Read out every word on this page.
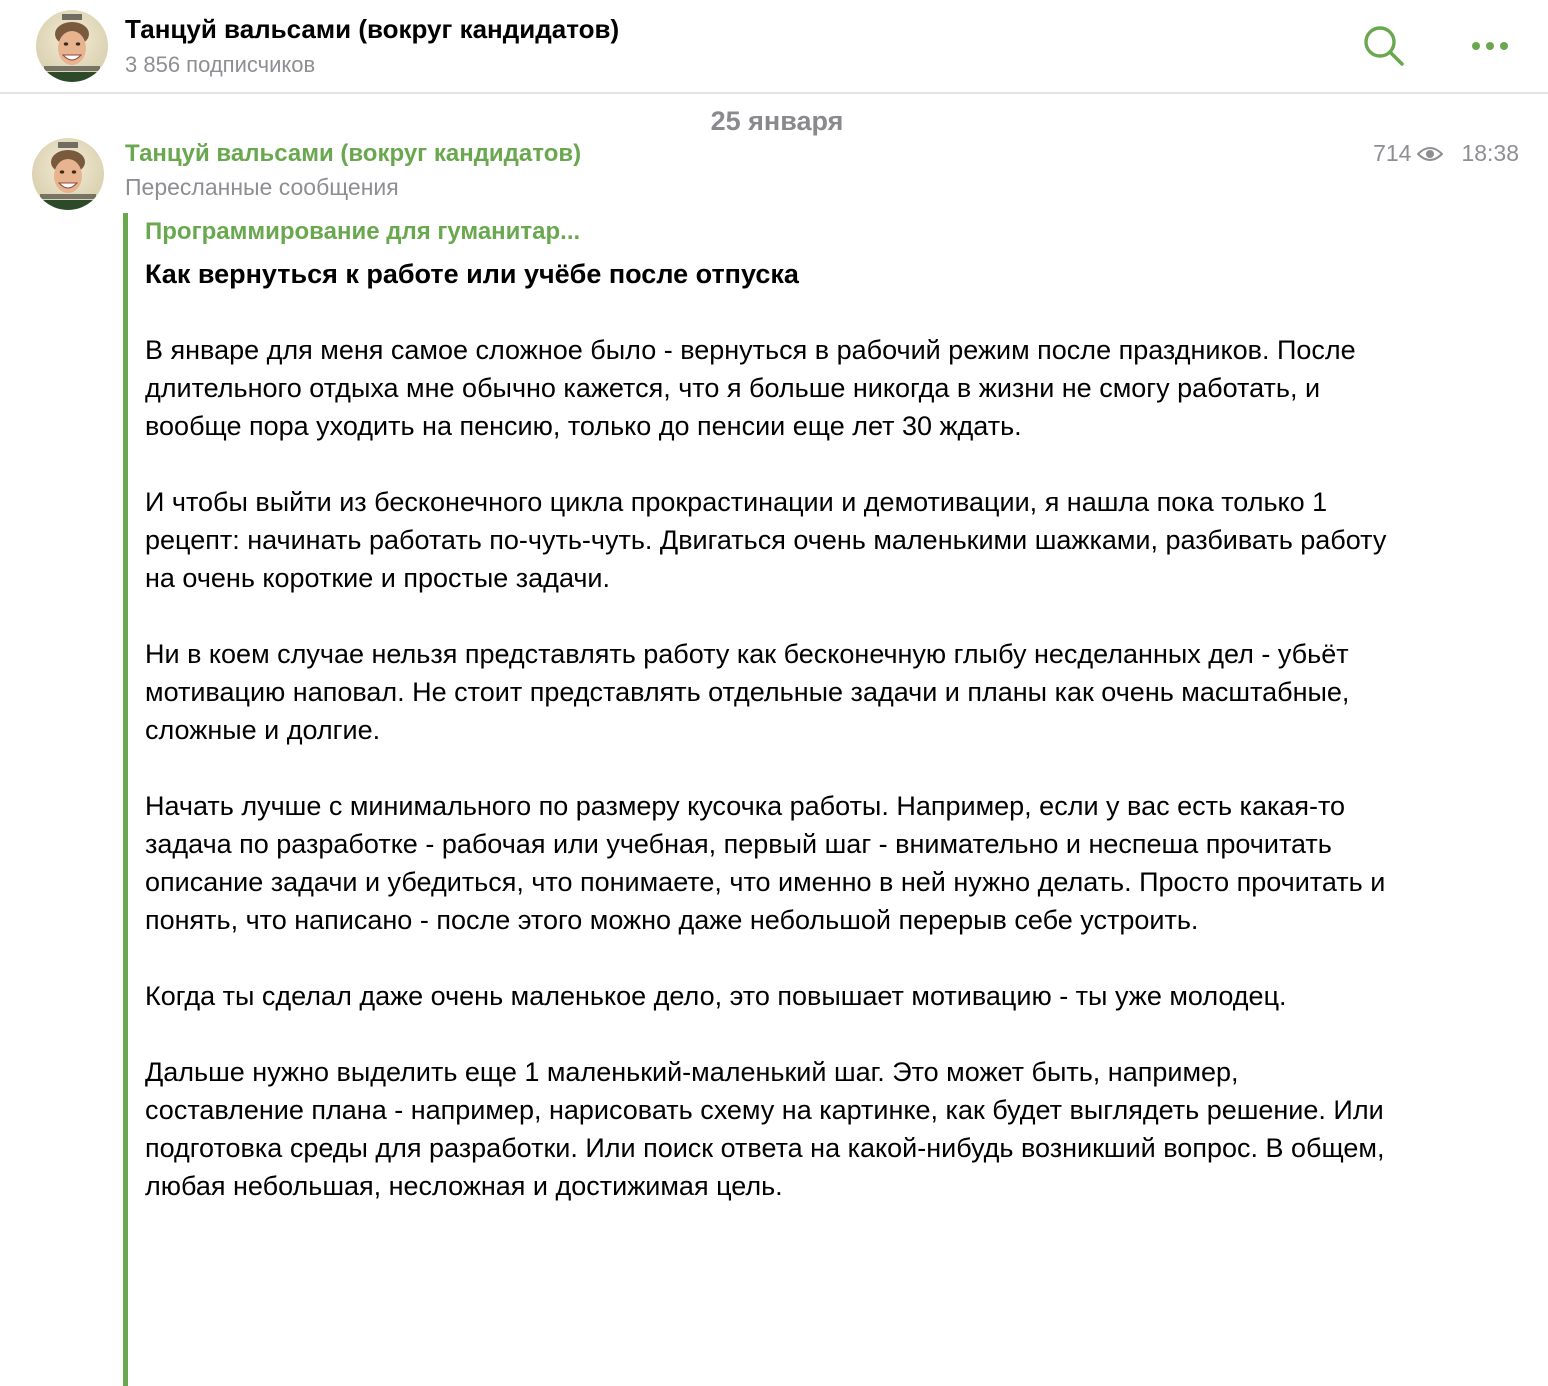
Танцуй вальсами (вокруг кандидатов)
3 856 подписчиков
25 января
Танцуй вальсами (вокруг кандидатов)
Пересланные сообщения
714 18:38
Программирование для гуманитар...
Как вернуться к работе или учёбе после отпуска
В январе для меня самое сложное было - вернуться в рабочий режим после праздников. После длительного отдыха мне обычно кажется, что я больше никогда в жизни не смогу работать, и вообще пора уходить на пенсию, только до пенсии еще лет 30 ждать.
И чтобы выйти из бесконечного цикла прокрастинации и демотивации, я нашла пока только 1 рецепт: начинать работать по-чуть-чуть. Двигаться очень маленькими шажками, разбивать работу на очень короткие и простые задачи.
Ни в коем случае нельзя представлять работу как бесконечную глыбу несделанных дел - убьёт мотивацию наповал. Не стоит представлять отдельные задачи и планы как очень масштабные, сложные и долгие.
Начать лучше с минимального по размеру кусочка работы. Например, если у вас есть какая-то задача по разработке - рабочая или учебная, первый шаг - внимательно и неспеша прочитать описание задачи и убедиться, что понимаете, что именно в ней нужно делать. Просто прочитать и понять, что написано - после этого можно даже небольшой перерыв себе устроить.
Когда ты сделал даже очень маленькое дело, это повышает мотивацию - ты уже молодец.
Дальше нужно выделить еще 1 маленький-маленький шаг. Это может быть, например, составление плана - например, нарисовать схему на картинке, как будет выглядеть решение. Или подготовка среды для разработки. Или поиск ответа на какой-нибудь возникший вопрос. В общем, любая небольшая, несложная и достижимая цель.
